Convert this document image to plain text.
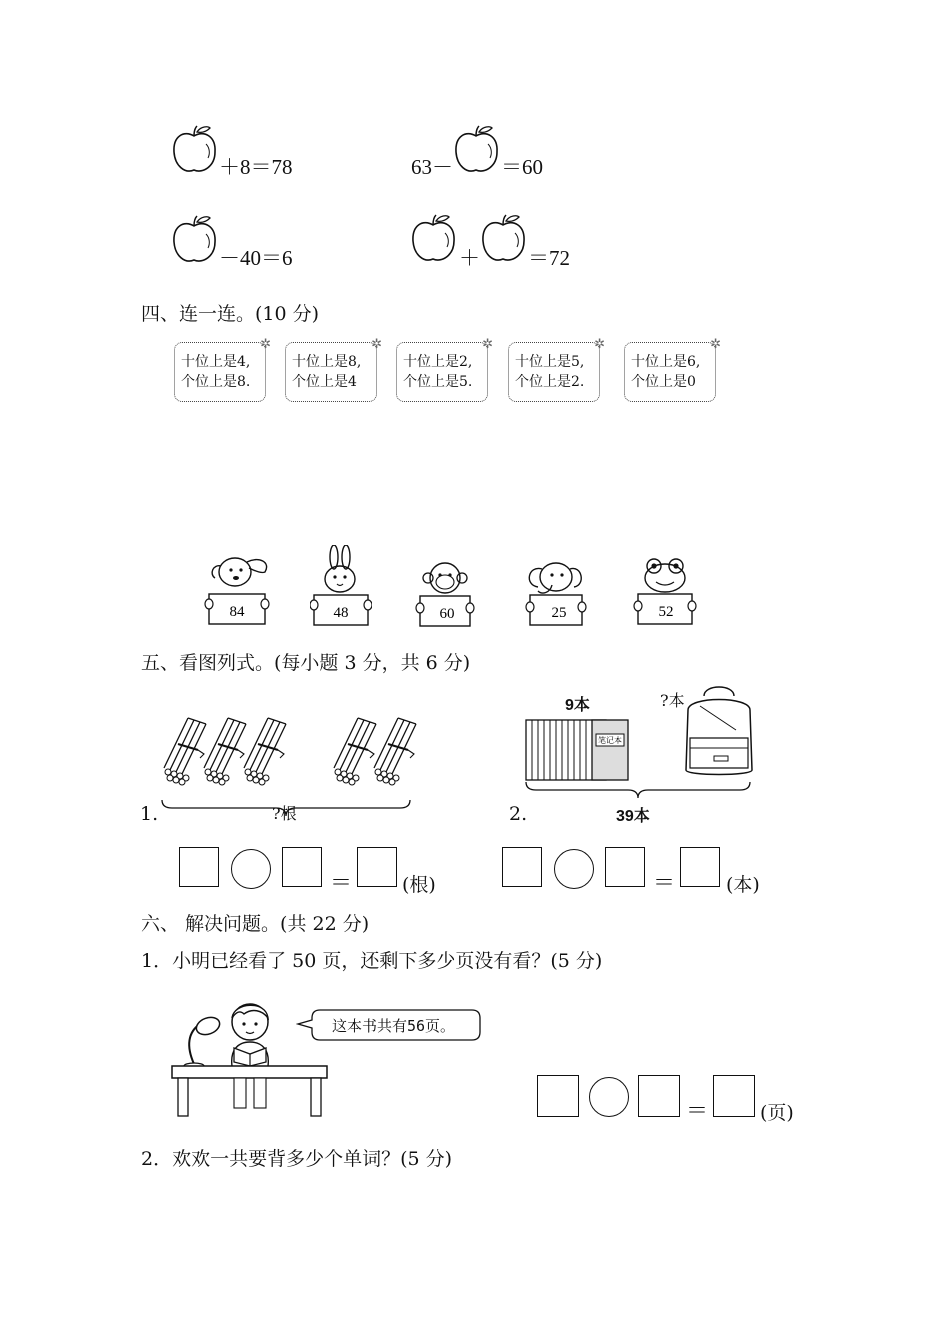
＋8＝78	63－ ＝60
－40＝6	＋ ＝72
四、连一连。(10 分)
✲
十位上是4,
个位上是8.
✲
十位上是8,
个位上是4
✲
十位上是2,
个位上是5.
✲
十位上是5,
个位上是2.
✲
十位上是6,
个位上是0
84	48	60	25	52
五、看图列式。(每小题 3 分，共 6 分)
?根
1.
9本	?本
笔记本
39本
2.
＝	(根)	＝	(本)
六、 解决问题。(共 22 分)
1．小明已经看了 50 页，还剩下多少页没有看？(5 分)
这本书共有56页。
＝	(页)
2．欢欢一共要背多少个单词？(5 分)
